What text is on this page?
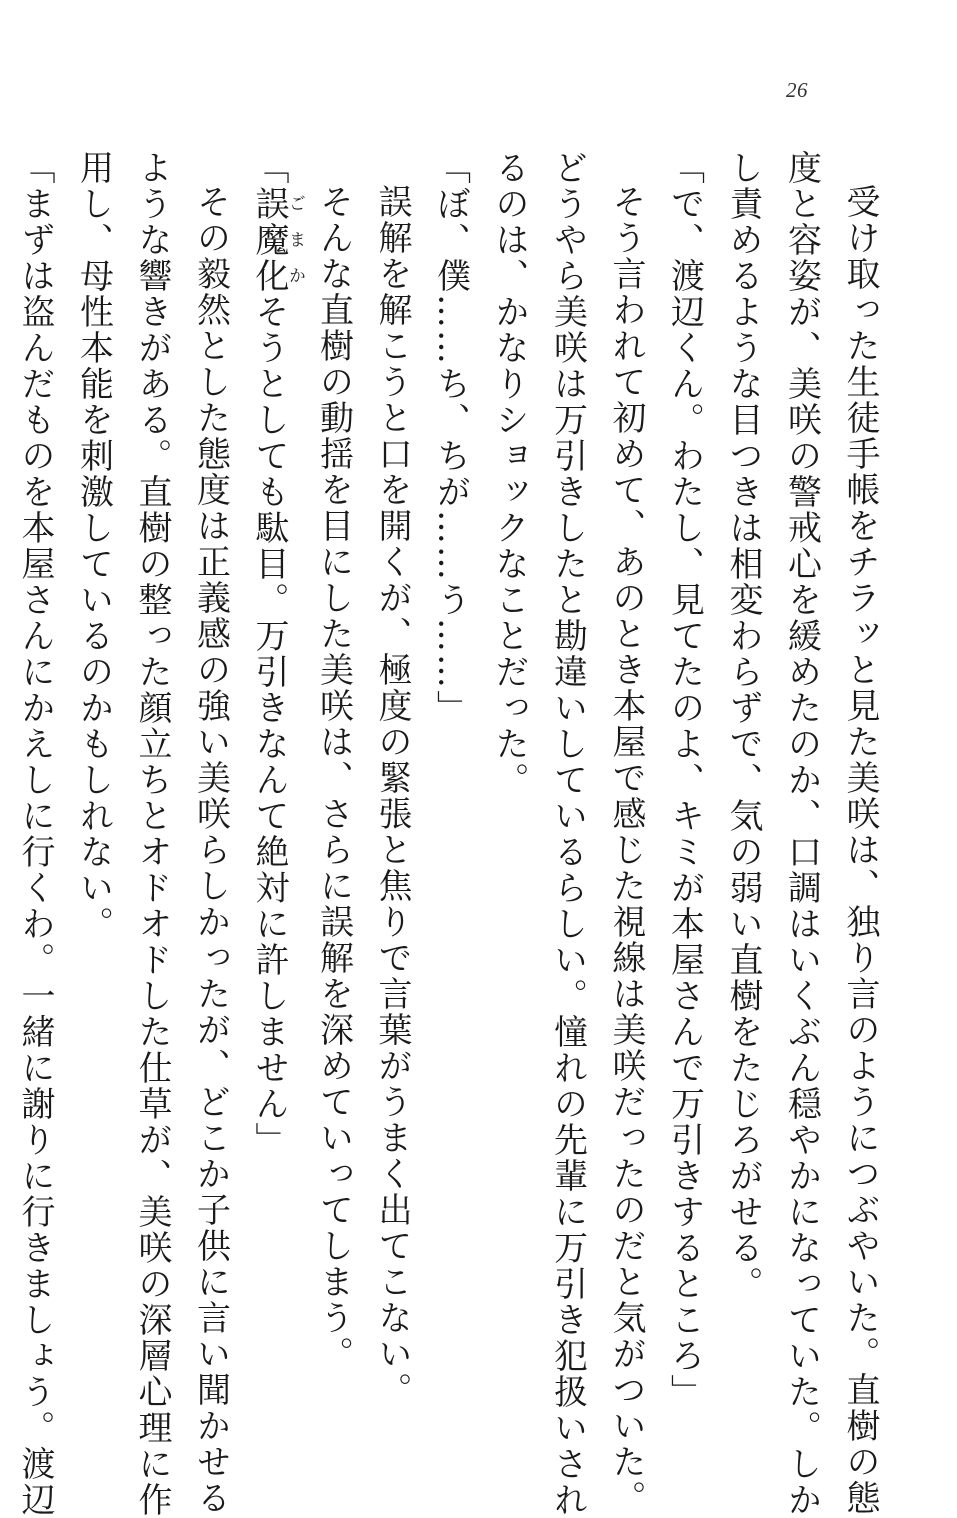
26

受け取った生徒手帳をチラッと見た美咲は、独り言のようにつぶやいた。直樹の態

度と容姿が、美咲の警戒心を緩めたのか、口調はいくぶん穏やかになっていた。しか

し責めるような目つきは相変わらずで、気の弱い直樹をたじろがせる。

「で、渡辺くん。わたし、見てたのよ、キミが本屋さんで万引きするところ」

そう言われて初めて、あのとき本屋で感じた視線は美咲だったのだと気がついた。

どうやら美咲は万引きしたと勘違いしているらしい。憧れの先輩に万引き犯扱いされ

るのは、かなりショックなことだった。

「ぼ、僕……ち、ちが……う……」

誤解を解こうと口を開くが、極度の緊張と焦りで言葉がうまく出てこない。

そんな直樹の動揺を目にした美咲は、さらに誤解を深めていってしまう。

「誤魔化ごまかそうとしても駄目。万引きなんて絶対に許しません」

その毅然とした態度は正義感の強い美咲らしかったが、どこか子供に言い聞かせる

ような響きがある。直樹の整った顔立ちとオドオドした仕草が、美咲の深層心理に作

用し、母性本能を刺激しているのかもしれない。

「まずは盗んだものを本屋さんにかえしに行くわ。一緒に謝りに行きましょう。渡辺
